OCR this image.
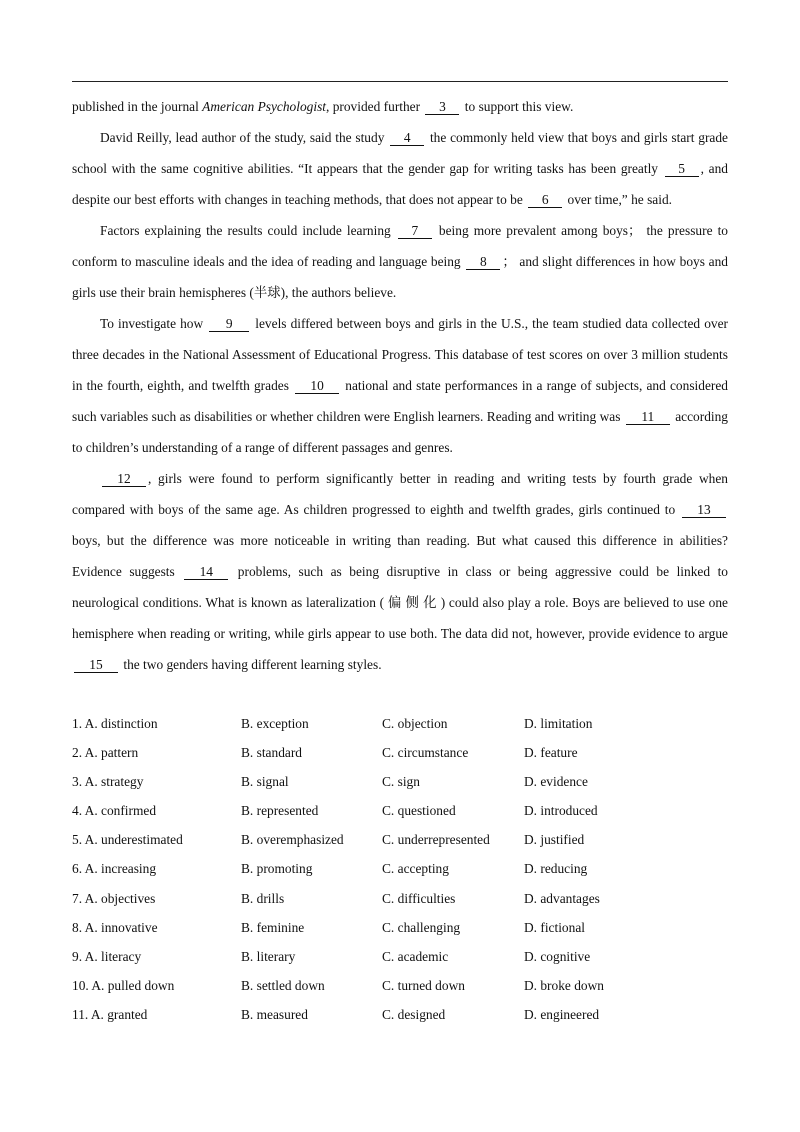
published in the journal American Psychologist, provided further 3 to support this view.

David Reilly, lead author of the study, said the study 4 the commonly held view that boys and girls start grade school with the same cognitive abilities. “It appears that the gender gap for writing tasks has been greatly 5 , and despite our best efforts with changes in teaching methods, that does not appear to be 6 over time,” he said.

Factors explaining the results could include learning 7 being more prevalent among boys； the pressure to conform to masculine ideals and the idea of reading and language being 8 ； and slight differences in how boys and girls use their brain hemispheres (半球), the authors believe.

To investigate how 9 levels differed between boys and girls in the U.S., the team studied data collected over three decades in the National Assessment of Educational Progress. This database of test scores on over 3 million students in the fourth, eighth, and twelfth grades 10 national and state performances in a range of subjects, and considered such variables such as disabilities or whether children were English learners. Reading and writing was 11 according to children’s understanding of a range of different passages and genres.

12 , girls were found to perform significantly better in reading and writing tests by fourth grade when compared with boys of the same age. As children progressed to eighth and twelfth grades, girls continued to 13 boys, but the difference was more noticeable in writing than reading. But what caused this difference in abilities? Evidence suggests 14 problems, such as being disruptive in class or being aggressive could be linked to neurological conditions. What is known as lateralization ( 偏 侧 化 ) could also play a role. Boys are believed to use one hemisphere when reading or writing, while girls appear to use both. The data did not, however, provide evidence to argue 15 the two genders having different learning styles.

1. A. distinction	B. exception	C. objection	D. limitation
2. A. pattern	B. standard	C. circumstance	D. feature
3. A. strategy	B. signal	C. sign	D. evidence
4. A. confirmed	B. represented	C. questioned	D. introduced
5. A. underestimated	B. overemphasized	C. underrepresented	D. justified
6. A. increasing	B. promoting	C. accepting	D. reducing
7. A. objectives	B. drills	C. difficulties	D. advantages
8. A. innovative	B. feminine	C. challenging	D. fictional
9. A. literacy	B. literary	C. academic	D. cognitive
10. A. pulled down	B. settled down	C. turned down	D. broke down
11. A. granted	B. measured	C. designed	D. engineered
